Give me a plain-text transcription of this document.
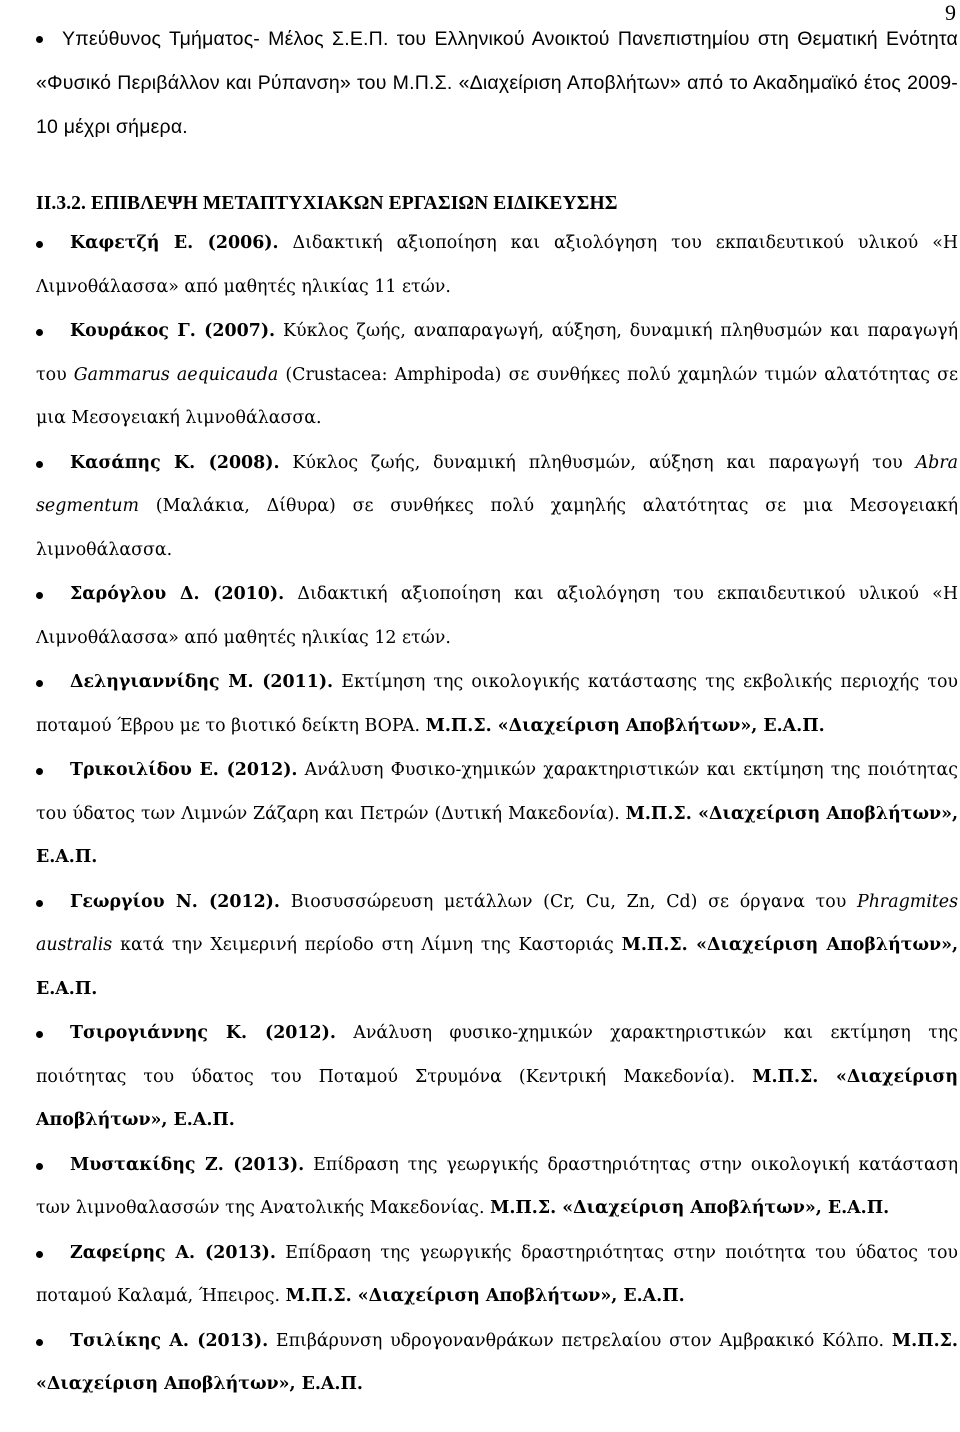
9

Υπεύθυνος Τμήματος- Μέλος Σ.Ε.Π. του Ελληνικού Ανοικτού Πανεπιστημίου στη Θεματική Ενότητα «Φυσικό Περιβάλλον και Ρύπανση» του Μ.Π.Σ. «Διαχείριση Αποβλήτων» από το Ακαδημαϊκό έτος 2009-10 μέχρι σήμερα.

ΙΙ.3.2. ΕΠΙΒΛΕΨΗ ΜΕΤΑΠΤΥΧΙΑΚΩΝ ΕΡΓΑΣΙΩΝ ΕΙΔΙΚΕΥΣΗΣ

Καφετζή Ε. (2006). Διδακτική αξιοποίηση και αξιολόγηση του εκπαιδευτικού υλικού «Η Λιμνοθάλασσα» από μαθητές ηλικίας 11 ετών.

Κουράκος Γ. (2007). Κύκλος ζωής, αναπαραγωγή, αύξηση, δυναμική πληθυσμών και παραγωγή του Gammarus aequicauda (Crustacea: Amphipoda) σε συνθήκες πολύ χαμηλών τιμών αλατότητας σε μια Μεσογειακή λιμνοθάλασσα.

Κασάπης Κ. (2008). Κύκλος ζωής, δυναμική πληθυσμών, αύξηση και παραγωγή του Abra segmentum (Μαλάκια, Δίθυρα) σε συνθήκες πολύ χαμηλής αλατότητας σε μια Μεσογειακή λιμνοθάλασσα.

Σαρόγλου Δ. (2010). Διδακτική αξιοποίηση και αξιολόγηση του εκπαιδευτικού υλικού «Η Λιμνοθάλασσα» από μαθητές ηλικίας 12 ετών.

Δεληγιαννίδης Μ. (2011). Εκτίμηση της οικολογικής κατάστασης της εκβολικής περιοχής του ποταμού Έβρου με το βιοτικό δείκτη BOPA. Μ.Π.Σ. «Διαχείριση Αποβλήτων», Ε.Α.Π.

Τρικοιλίδου Ε. (2012). Ανάλυση Φυσικο-χημικών χαρακτηριστικών και εκτίμηση της ποιότητας του ύδατος των Λιμνών Ζάζαρη και Πετρών (Δυτική Μακεδονία). Μ.Π.Σ. «Διαχείριση Αποβλήτων», Ε.Α.Π.

Γεωργίου Ν. (2012). Βιοσυσσώρευση μετάλλων (Cr, Cu, Zn, Cd) σε όργανα του Phragmites australis κατά την Χειμερινή περίοδο στη Λίμνη της Καστοριάς Μ.Π.Σ. «Διαχείριση Αποβλήτων», Ε.Α.Π.

Τσιρογιάννης Κ. (2012). Ανάλυση φυσικο-χημικών χαρακτηριστικών και εκτίμηση της ποιότητας του ύδατος του Ποταμού Στρυμόνα (Κεντρική Μακεδονία). Μ.Π.Σ. «Διαχείριση Αποβλήτων», Ε.Α.Π.

Μυστακίδης Ζ. (2013). Επίδραση της γεωργικής δραστηριότητας στην οικολογική κατάσταση των λιμνοθαλασσών της Ανατολικής Μακεδονίας. Μ.Π.Σ. «Διαχείριση Αποβλήτων», Ε.Α.Π.

Ζαφείρης Α. (2013). Επίδραση της γεωργικής δραστηριότητας στην ποιότητα του ύδατος του ποταμού Καλαμά, Ήπειρος. Μ.Π.Σ. «Διαχείριση Αποβλήτων», Ε.Α.Π.

Τσιλίκης Α. (2013). Επιβάρυνση υδρογονανθράκων πετρελαίου στον Αμβρακικό Κόλπο. Μ.Π.Σ. «Διαχείριση Αποβλήτων», Ε.Α.Π.
